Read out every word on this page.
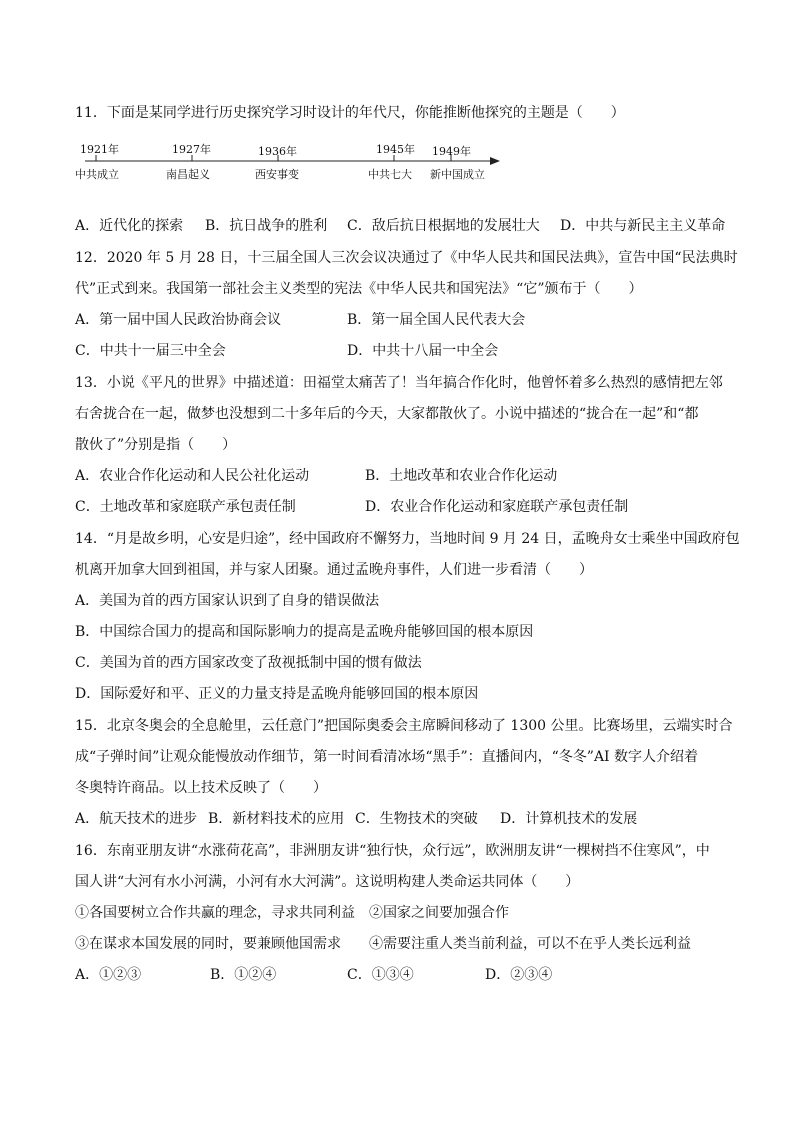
11．下面是某同学进行历史探究学习时设计的年代尺，你能推断他探究的主题是（　　）
1921年	1927年	1936年	1945年 1949年
中共成立	南昌起义	西安事变	中共七大 新中国成立
A．近代化的探索 B．抗日战争的胜利 C．敌后抗日根据地的发展壮大 D．中共与新民主主义革命
12．2020 年 5 月 28 日，十三届全国人三次会议决通过了《中华人民共和国民法典》，宣告中国“民法典时
代”正式到来。我国第一部社会主义类型的宪法《中华人民共和国宪法》“它”颁布于（　　）
A．第一届中国人民政治协商会议	B．第一届全国人民代表大会
C．中共十一届三中全会	D．中共十八届一中全会
13．小说《平凡的世界》中描述道：田福堂太痛苦了！当年搞合作化时，他曾怀着多么热烈的感情把左邻
右舍拢合在一起，做梦也没想到二十多年后的今天，大家都散伙了。小说中描述的“拢合在一起”和“都
散伙了”分别是指（　　）
A．农业合作化运动和人民公社化运动	B．土地改革和农业合作化运动
C．土地改革和家庭联产承包责任制	D．农业合作化运动和家庭联产承包责任制
14．“月是故乡明，心安是归途”，经中国政府不懈努力，当地时间 9 月 24 日，孟晚舟女士乘坐中国政府包
机离开加拿大回到祖国，并与家人团聚。通过孟晚舟事件，人们进一步看清（　　）
A．美国为首的西方国家认识到了自身的错误做法
B．中国综合国力的提高和国际影响力的提高是孟晚舟能够回国的根本原因
C．美国为首的西方国家改变了敌视抵制中国的惯有做法
D．国际爱好和平、正义的力量支持是孟晚舟能够回国的根本原因
15．北京冬奥会的全息舱里，云任意门”把国际奥委会主席瞬间移动了 1300 公里。比赛场里，云端实时合
成“子弹时间”让观众能慢放动作细节，第一时间看清冰场“黑手”：直播间内，“冬冬”AI 数字人介绍着
冬奥特许商品。以上技术反映了（　　）
A．航天技术的进步 B．新材料技术的应用 C．生物技术的突破 D．计算机技术的发展
16．东南亚朋友讲“水涨荷花高”，非洲朋友讲“独行快，众行远”，欧洲朋友讲“一棵树挡不住寒风”，中
国人讲“大河有水小河满，小河有水大河满”。这说明构建人类命运共同体（　　）
①各国要树立合作共赢的理念，寻求共同利益　②国家之间要加强合作
③在谋求本国发展的同时，要兼顾他国需求　　④需要注重人类当前利益，可以不在乎人类长远利益
A．①②③	B．①②④	C．①③④	D．②③④
